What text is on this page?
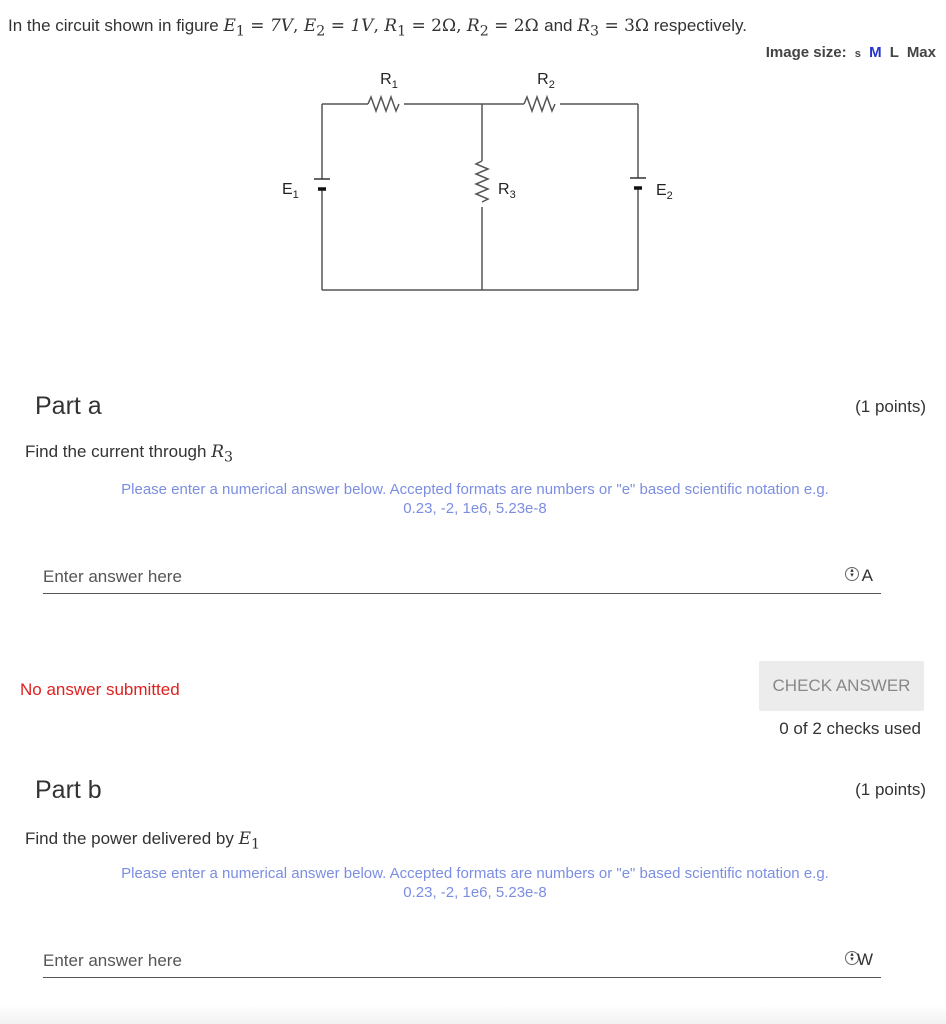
In the circuit shown in figure $E_1 = 7V$, $E_2 = 1V$, $R_1 = 2\Omega$, $R_2 = 2\Omega$ and $R_3 = 3\Omega$ respectively.
Image size: s M L Max
$R_1$	$R_2$
$R_3$
$E_1$	$E_2$
Part a	(1 points)
Find the current through $R_3$
Please enter a numerical answer below. Accepted formats are numbers or "e" based scientific notation e.g.
0.23, -2, 1e6, 5.23e-8
Enter answer here
▴
▾ A
No answer submitted	CHECK ANSWER
0 of 2 checks used
Part b	(1 points)
Find the power delivered by $E_1$
Please enter a numerical answer below. Accepted formats are numbers or "e" based scientific notation e.g.
0.23, -2, 1e6, 5.23e-8
Enter answer here
▴
▾ W
